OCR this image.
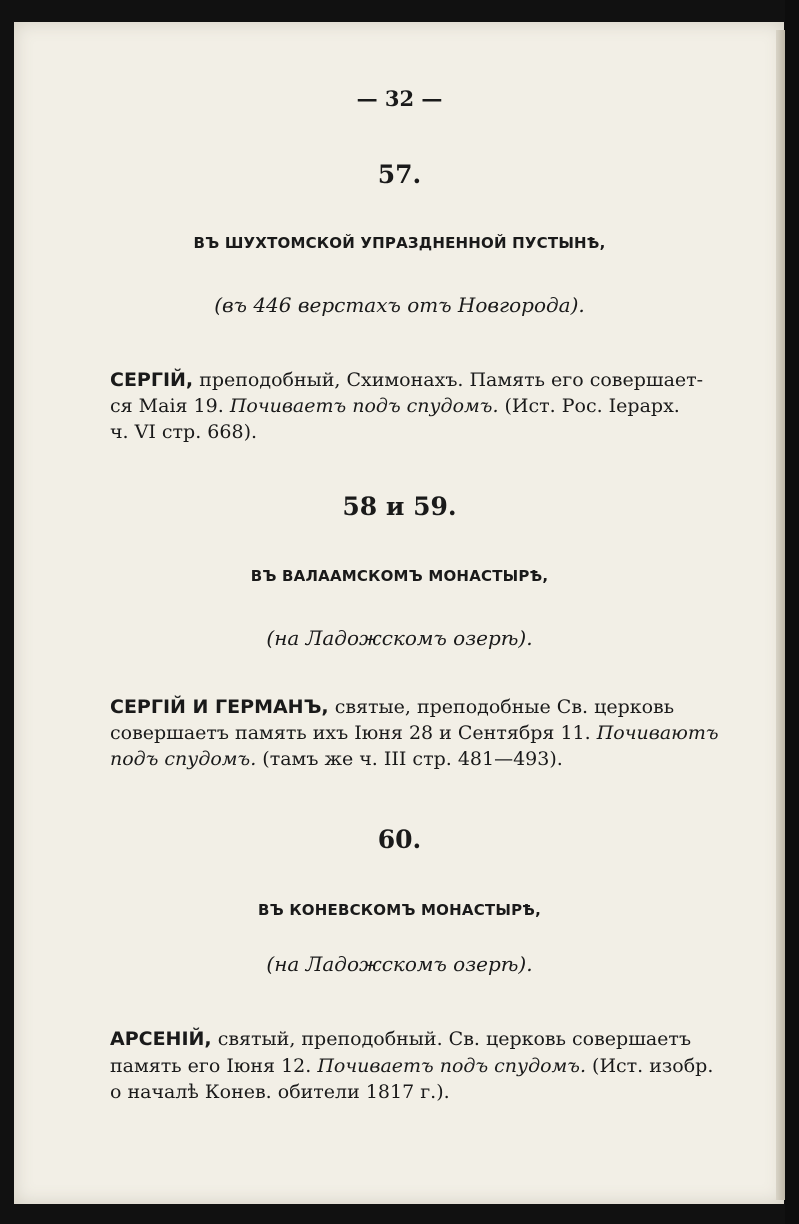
— 32 —
57.
ВЪ ШУХТОМСКОЙ УПРАЗДНЕННОЙ ПУСТЫНѢ,
(въ 446 верстахъ отъ Новгорода).
СЕРГІЙ, преподобный, Схимонахъ. Память его совершает-
ся Маія 19. Почиваетъ подъ спудомъ. (Ист. Рос. Іерарх.
ч. VI стр. 668).
58 и 59.
ВЪ ВАЛААМСКОМЪ МОНАСТЫРѢ,
(на Ладожскомъ озерѣ).
СЕРГІЙ И ГЕРМАНЪ, святые, преподобные Св. церковь
совершаетъ память ихъ Іюня 28 и Сентября 11. Почиваютъ
подъ спудомъ. (тамъ же ч. III стр. 481—493).
60.
ВЪ КОНЕВСКОМЪ МОНАСТЫРѢ,
(на Ладожскомъ озерѣ).
АРСЕНІЙ, святый, преподобный. Св. церковь совершаетъ
память его Іюня 12. Почиваетъ подъ спудомъ. (Ист. изобр.
о началѣ Конев. обители 1817 г.).
